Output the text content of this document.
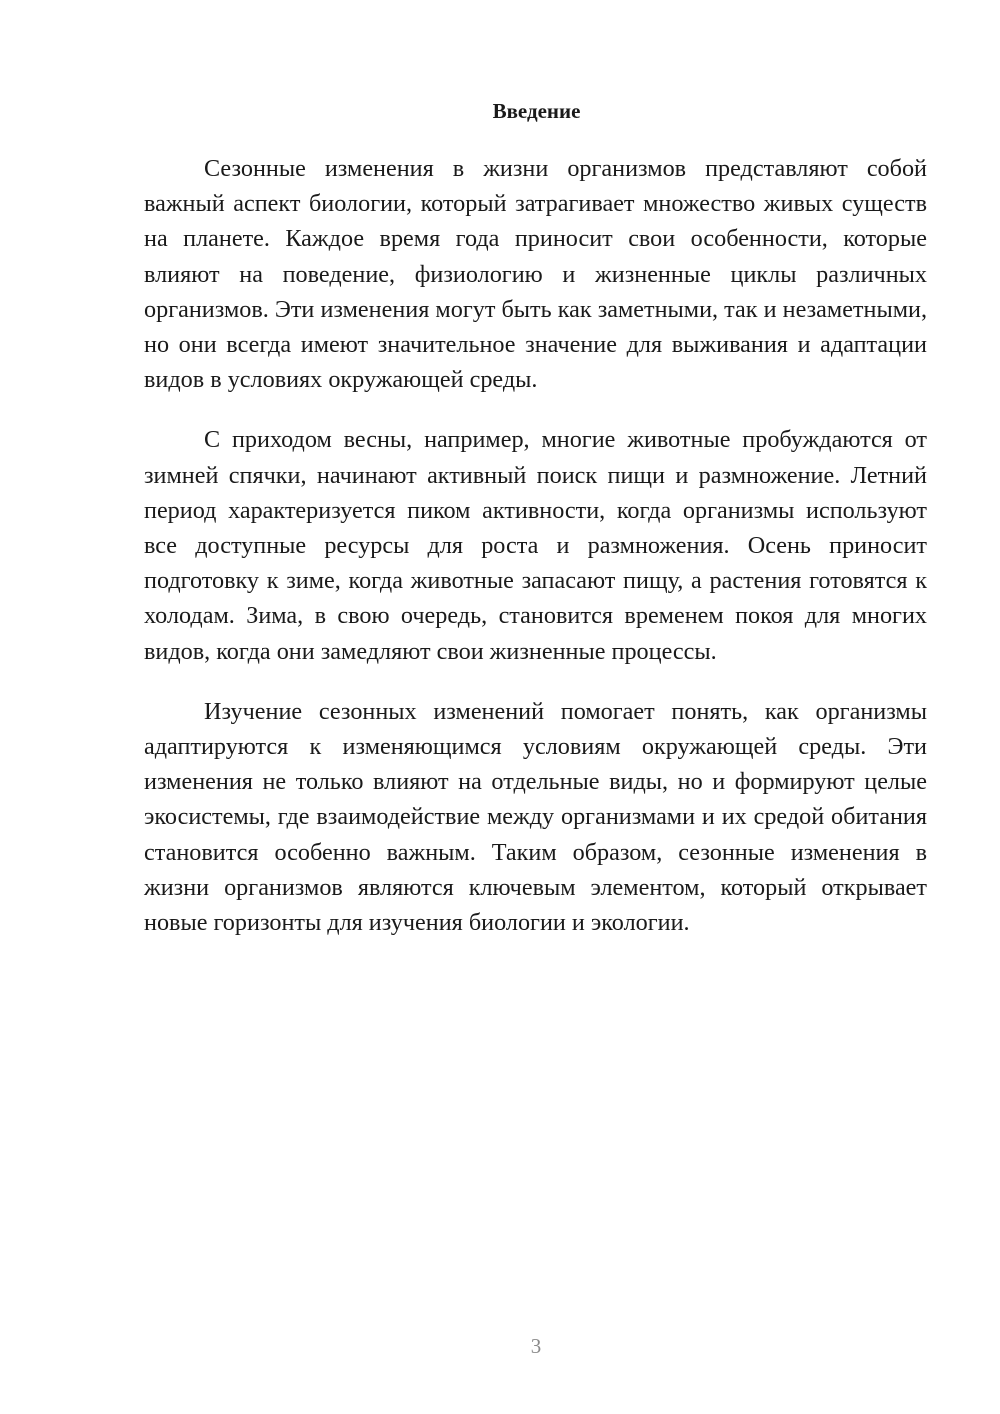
Введение

Сезонные изменения в жизни организмов представляют собой важный аспект биологии, который затрагивает множество живых существ на планете. Каждое время года приносит свои особенности, которые влияют на поведение, физиологию и жизненные циклы различных организмов. Эти изменения могут быть как заметными, так и незаметными, но они всегда имеют значительное значение для выживания и адаптации видов в условиях окружающей среды.

С приходом весны, например, многие животные пробуждаются от зимней спячки, начинают активный поиск пищи и размножение. Летний период характеризуется пиком активности, когда организмы используют все доступные ресурсы для роста и размножения. Осень приносит подготовку к зиме, когда животные запасают пищу, а растения готовятся к холодам. Зима, в свою очередь, становится временем покоя для многих видов, когда они замедляют свои жизненные процессы.

Изучение сезонных изменений помогает понять, как организмы адаптируются к изменяющимся условиям окружающей среды. Эти изменения не только влияют на отдельные виды, но и формируют целые экосистемы, где взаимодействие между организмами и их средой обитания становится особенно важным. Таким образом, сезонные изменения в жизни организмов являются ключевым элементом, который открывает новые горизонты для изучения биологии и экологии.

3
